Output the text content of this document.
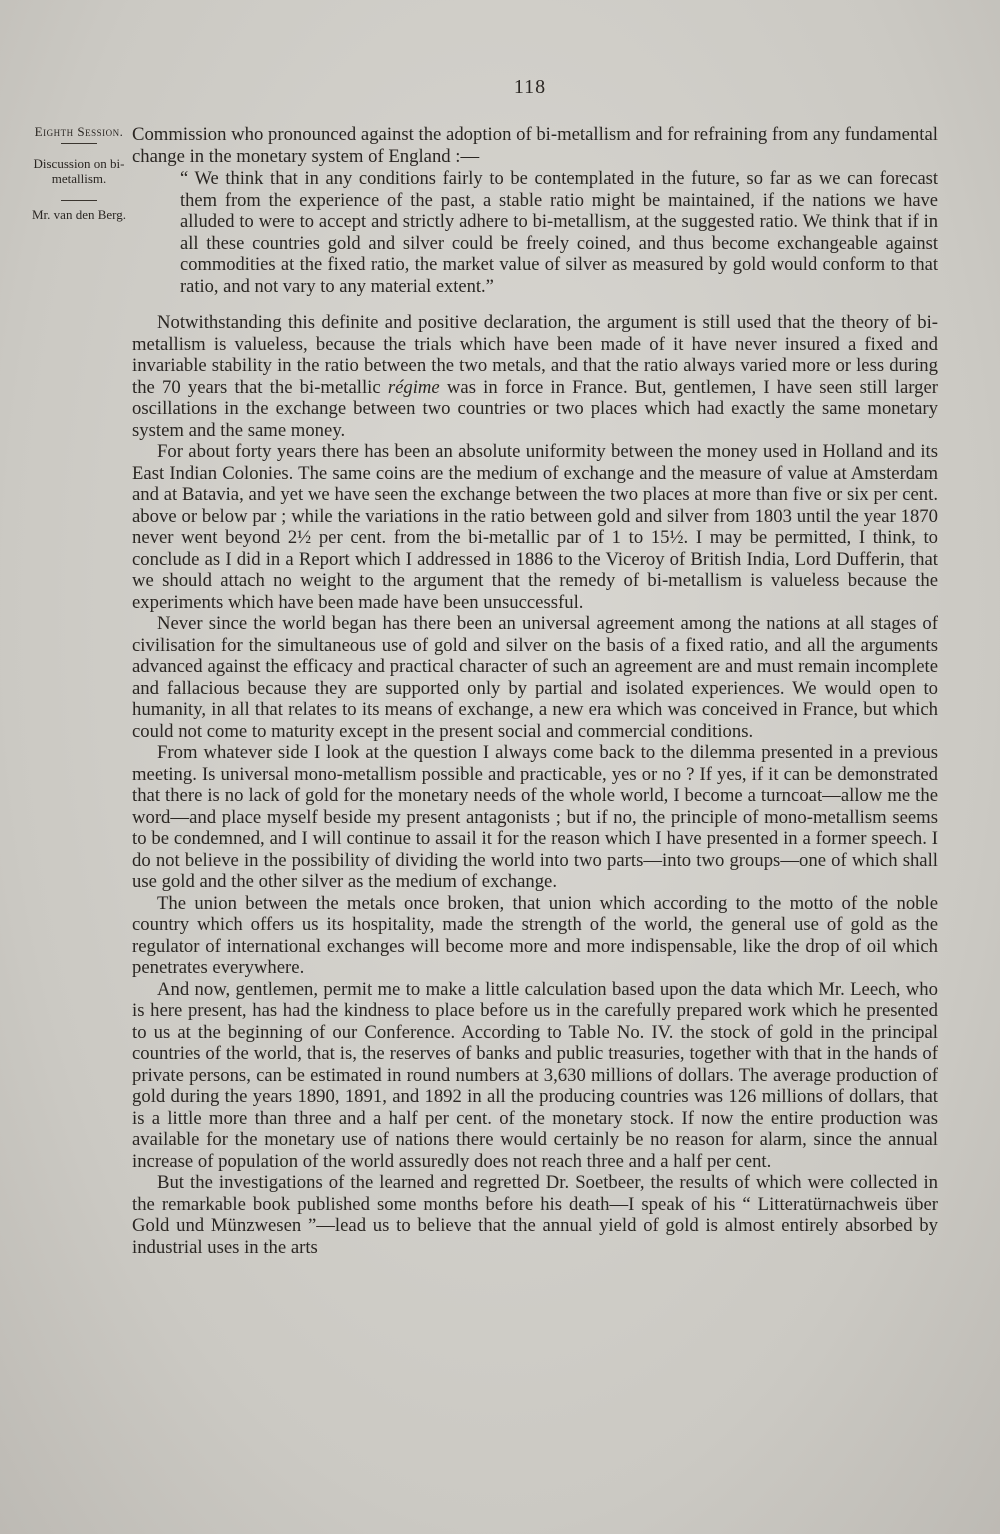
118
Eighth Session.
Discussion on bi-metallism.
Mr. van den Berg.

Commission who pronounced against the adoption of bi-metallism and for refraining from any fundamental change in the monetary system of England :—

“ We think that in any conditions fairly to be contemplated in the future, so far as we can forecast them from the experience of the past, a stable ratio might be maintained, if the nations we have alluded to were to accept and strictly adhere to bi-metallism, at the suggested ratio. We think that if in all these countries gold and silver could be freely coined, and thus become exchangeable against commodities at the fixed ratio, the market value of silver as measured by gold would conform to that ratio, and not vary to any material extent.”

Notwithstanding this definite and positive declaration, the argument is still used that the theory of bi-metallism is valueless, because the trials which have been made of it have never insured a fixed and invariable stability in the ratio between the two metals, and that the ratio always varied more or less during the 70 years that the bi-metallic régime was in force in France. But, gentlemen, I have seen still larger oscillations in the exchange between two countries or two places which had exactly the same monetary system and the same money.

For about forty years there has been an absolute uniformity between the money used in Holland and its East Indian Colonies. The same coins are the medium of exchange and the measure of value at Amsterdam and at Batavia, and yet we have seen the exchange between the two places at more than five or six per cent. above or below par ; while the variations in the ratio between gold and silver from 1803 until the year 1870 never went beyond 2½ per cent. from the bi-metallic par of 1 to 15½. I may be permitted, I think, to conclude as I did in a Report which I addressed in 1886 to the Viceroy of British India, Lord Dufferin, that we should attach no weight to the argument that the remedy of bi-metallism is valueless because the experiments which have been made have been unsuccessful.

Never since the world began has there been an universal agreement among the nations at all stages of civilisation for the simultaneous use of gold and silver on the basis of a fixed ratio, and all the arguments advanced against the efficacy and practical character of such an agreement are and must remain incomplete and fallacious because they are supported only by partial and isolated experiences. We would open to humanity, in all that relates to its means of exchange, a new era which was conceived in France, but which could not come to maturity except in the present social and commercial conditions.

From whatever side I look at the question I always come back to the dilemma presented in a previous meeting. Is universal mono-metallism possible and practicable, yes or no ? If yes, if it can be demonstrated that there is no lack of gold for the monetary needs of the whole world, I become a turncoat—allow me the word—and place myself beside my present antagonists ; but if no, the principle of mono-metallism seems to be condemned, and I will continue to assail it for the reason which I have presented in a former speech. I do not believe in the possibility of dividing the world into two parts—into two groups—one of which shall use gold and the other silver as the medium of exchange.

The union between the metals once broken, that union which according to the motto of the noble country which offers us its hospitality, made the strength of the world, the general use of gold as the regulator of international exchanges will become more and more indispensable, like the drop of oil which penetrates everywhere.

And now, gentlemen, permit me to make a little calculation based upon the data which Mr. Leech, who is here present, has had the kindness to place before us in the carefully prepared work which he presented to us at the beginning of our Conference. According to Table No. IV. the stock of gold in the principal countries of the world, that is, the reserves of banks and public treasuries, together with that in the hands of private persons, can be estimated in round numbers at 3,630 millions of dollars. The average production of gold during the years 1890, 1891, and 1892 in all the producing countries was 126 millions of dollars, that is a little more than three and a half per cent. of the monetary stock. If now the entire production was available for the monetary use of nations there would certainly be no reason for alarm, since the annual increase of population of the world assuredly does not reach three and a half per cent.

But the investigations of the learned and regretted Dr. Soetbeer, the results of which were collected in the remarkable book published some months before his death—I speak of his “ Litteratürnachweis über Gold und Münzwesen ”—lead us to believe that the annual yield of gold is almost entirely absorbed by industrial uses in the arts
